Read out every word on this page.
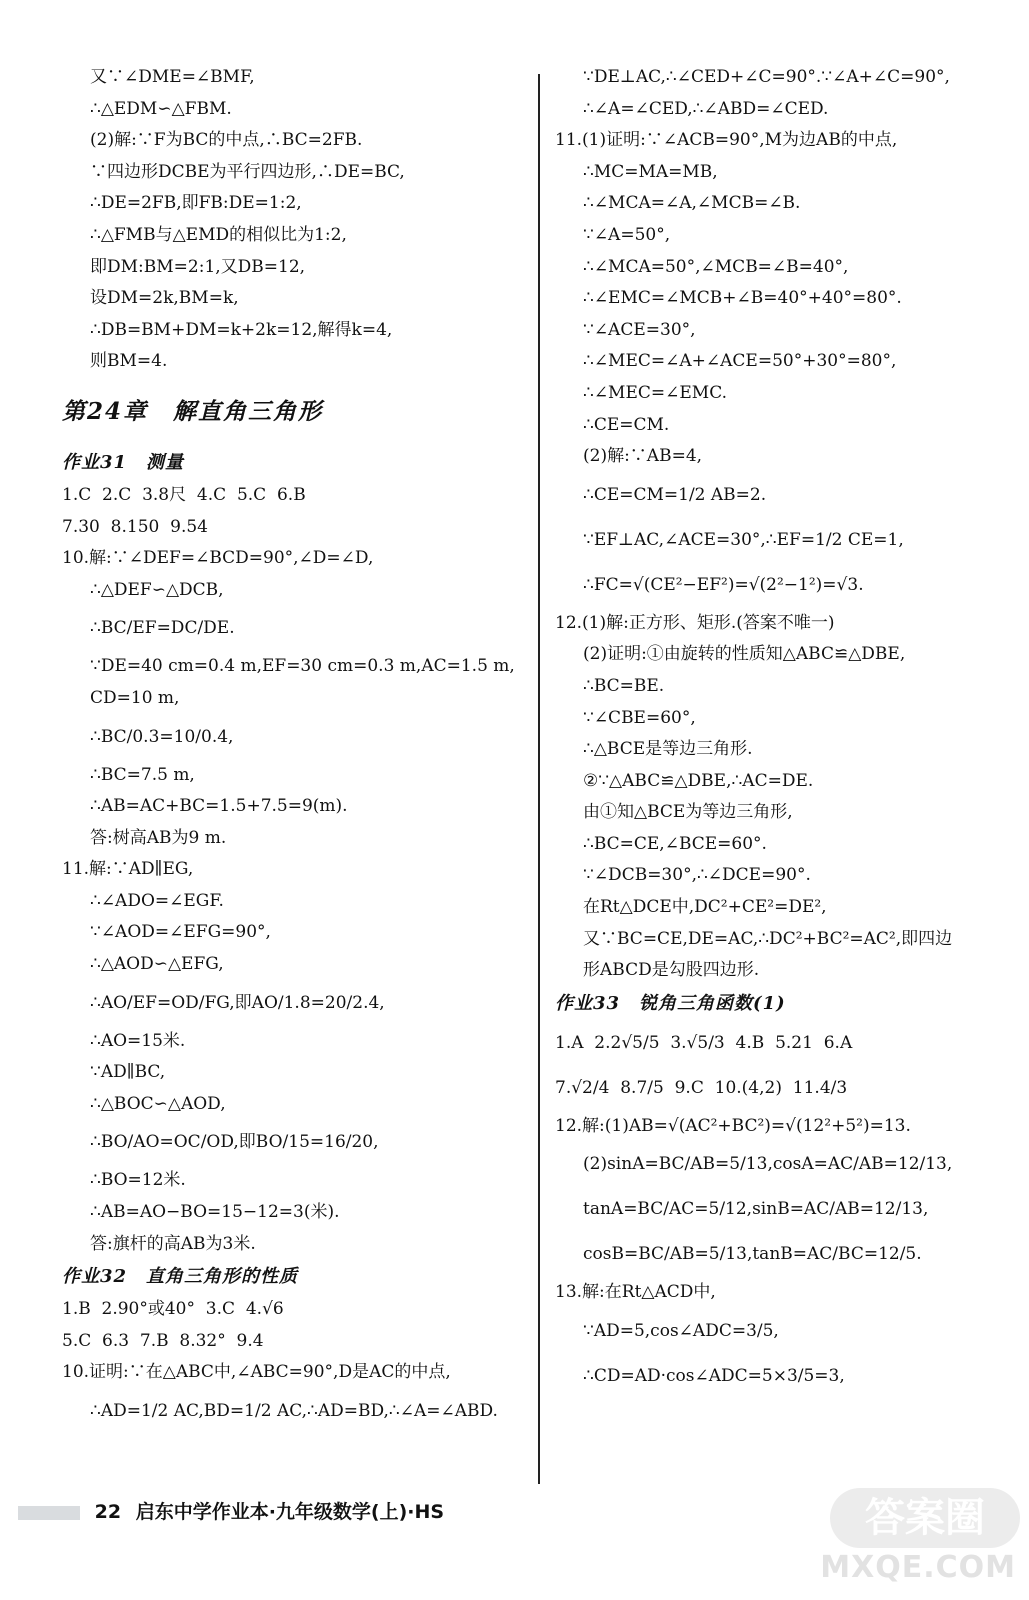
又∵∠DME=∠BMF,
∴△EDM∽△FBM.
(2)解:∵F为BC的中点,∴BC=2FB.
∵四边形DCBE为平行四边形,∴DE=BC,
∴DE=2FB,即FB:DE=1:2,
∴△FMB与△EMD的相似比为1:2,
即DM:BM=2:1,又DB=12,
设DM=2k,BM=k,
∴DB=BM+DM=k+2k=12,解得k=4,
则BM=4.
第24章　解直角三角形
作业31　测量
1.C  2.C  3.8尺  4.C  5.C  6.B
7.30  8.150  9.54
10.解:∵∠DEF=∠BCD=90°,∠D=∠D,
∴△DEF∽△DCB,
∴BC/EF=DC/DE.
∵DE=40 cm=0.4 m,EF=30 cm=0.3 m,AC=1.5 m,
CD=10 m,
∴BC/0.3=10/0.4,
∴BC=7.5 m,
∴AB=AC+BC=1.5+7.5=9(m).
答:树高AB为9 m.
11.解:∵AD∥EG,
∴∠ADO=∠EGF.
∵∠AOD=∠EFG=90°,
∴△AOD∽△EFG,
∴AO/EF=OD/FG,即AO/1.8=20/2.4,
∴AO=15米.
∵AD∥BC,
∴△BOC∽△AOD,
∴BO/AO=OC/OD,即BO/15=16/20,
∴BO=12米.
∴AB=AO−BO=15−12=3(米).
答:旗杆的高AB为3米.
作业32　直角三角形的性质
1.B  2.90°或40°  3.C  4.√6
5.C  6.3  7.B  8.32°  9.4
10.证明:∵在△ABC中,∠ABC=90°,D是AC的中点,
∴AD=1/2 AC,BD=1/2 AC,∴AD=BD,∴∠A=∠ABD.
∵DE⊥AC,∴∠CED+∠C=90°.∵∠A+∠C=90°,
∴∠A=∠CED,∴∠ABD=∠CED.
11.(1)证明:∵∠ACB=90°,M为边AB的中点,
∴MC=MA=MB,
∴∠MCA=∠A,∠MCB=∠B.
∵∠A=50°,
∴∠MCA=50°,∠MCB=∠B=40°,
∴∠EMC=∠MCB+∠B=40°+40°=80°.
∵∠ACE=30°,
∴∠MEC=∠A+∠ACE=50°+30°=80°,
∴∠MEC=∠EMC.
∴CE=CM.
(2)解:∵AB=4,
∴CE=CM=1/2 AB=2.
∵EF⊥AC,∠ACE=30°,∴EF=1/2 CE=1,
∴FC=√(CE²−EF²)=√(2²−1²)=√3.
12.(1)解:正方形、矩形.(答案不唯一)
(2)证明:①由旋转的性质知△ABC≌△DBE,
∴BC=BE.
∵∠CBE=60°,
∴△BCE是等边三角形.
②∵△ABC≌△DBE,∴AC=DE.
由①知△BCE为等边三角形,
∴BC=CE,∠BCE=60°.
∵∠DCB=30°,∴∠DCE=90°.
在Rt△DCE中,DC²+CE²=DE²,
又∵BC=CE,DE=AC,∴DC²+BC²=AC²,即四边
形ABCD是勾股四边形.
作业33　锐角三角函数(1)
1.A  2.2√5/5  3.√5/3  4.B  5.21  6.A
7.√2/4  8.7/5  9.C  10.(4,2)  11.4/3
12.解:(1)AB=√(AC²+BC²)=√(12²+5²)=13.
(2)sinA=BC/AB=5/13,cosA=AC/AB=12/13,
tanA=BC/AC=5/12,sinB=AC/AB=12/13,
cosB=BC/AB=5/13,tanB=AC/BC=12/5.
13.解:在Rt△ACD中,
∵AD=5,cos∠ADC=3/5,
∴CD=AD·cos∠ADC=5×3/5=3,
22 启东中学作业本·九年级数学(上)·HS	答案圈
MXQE.COM
